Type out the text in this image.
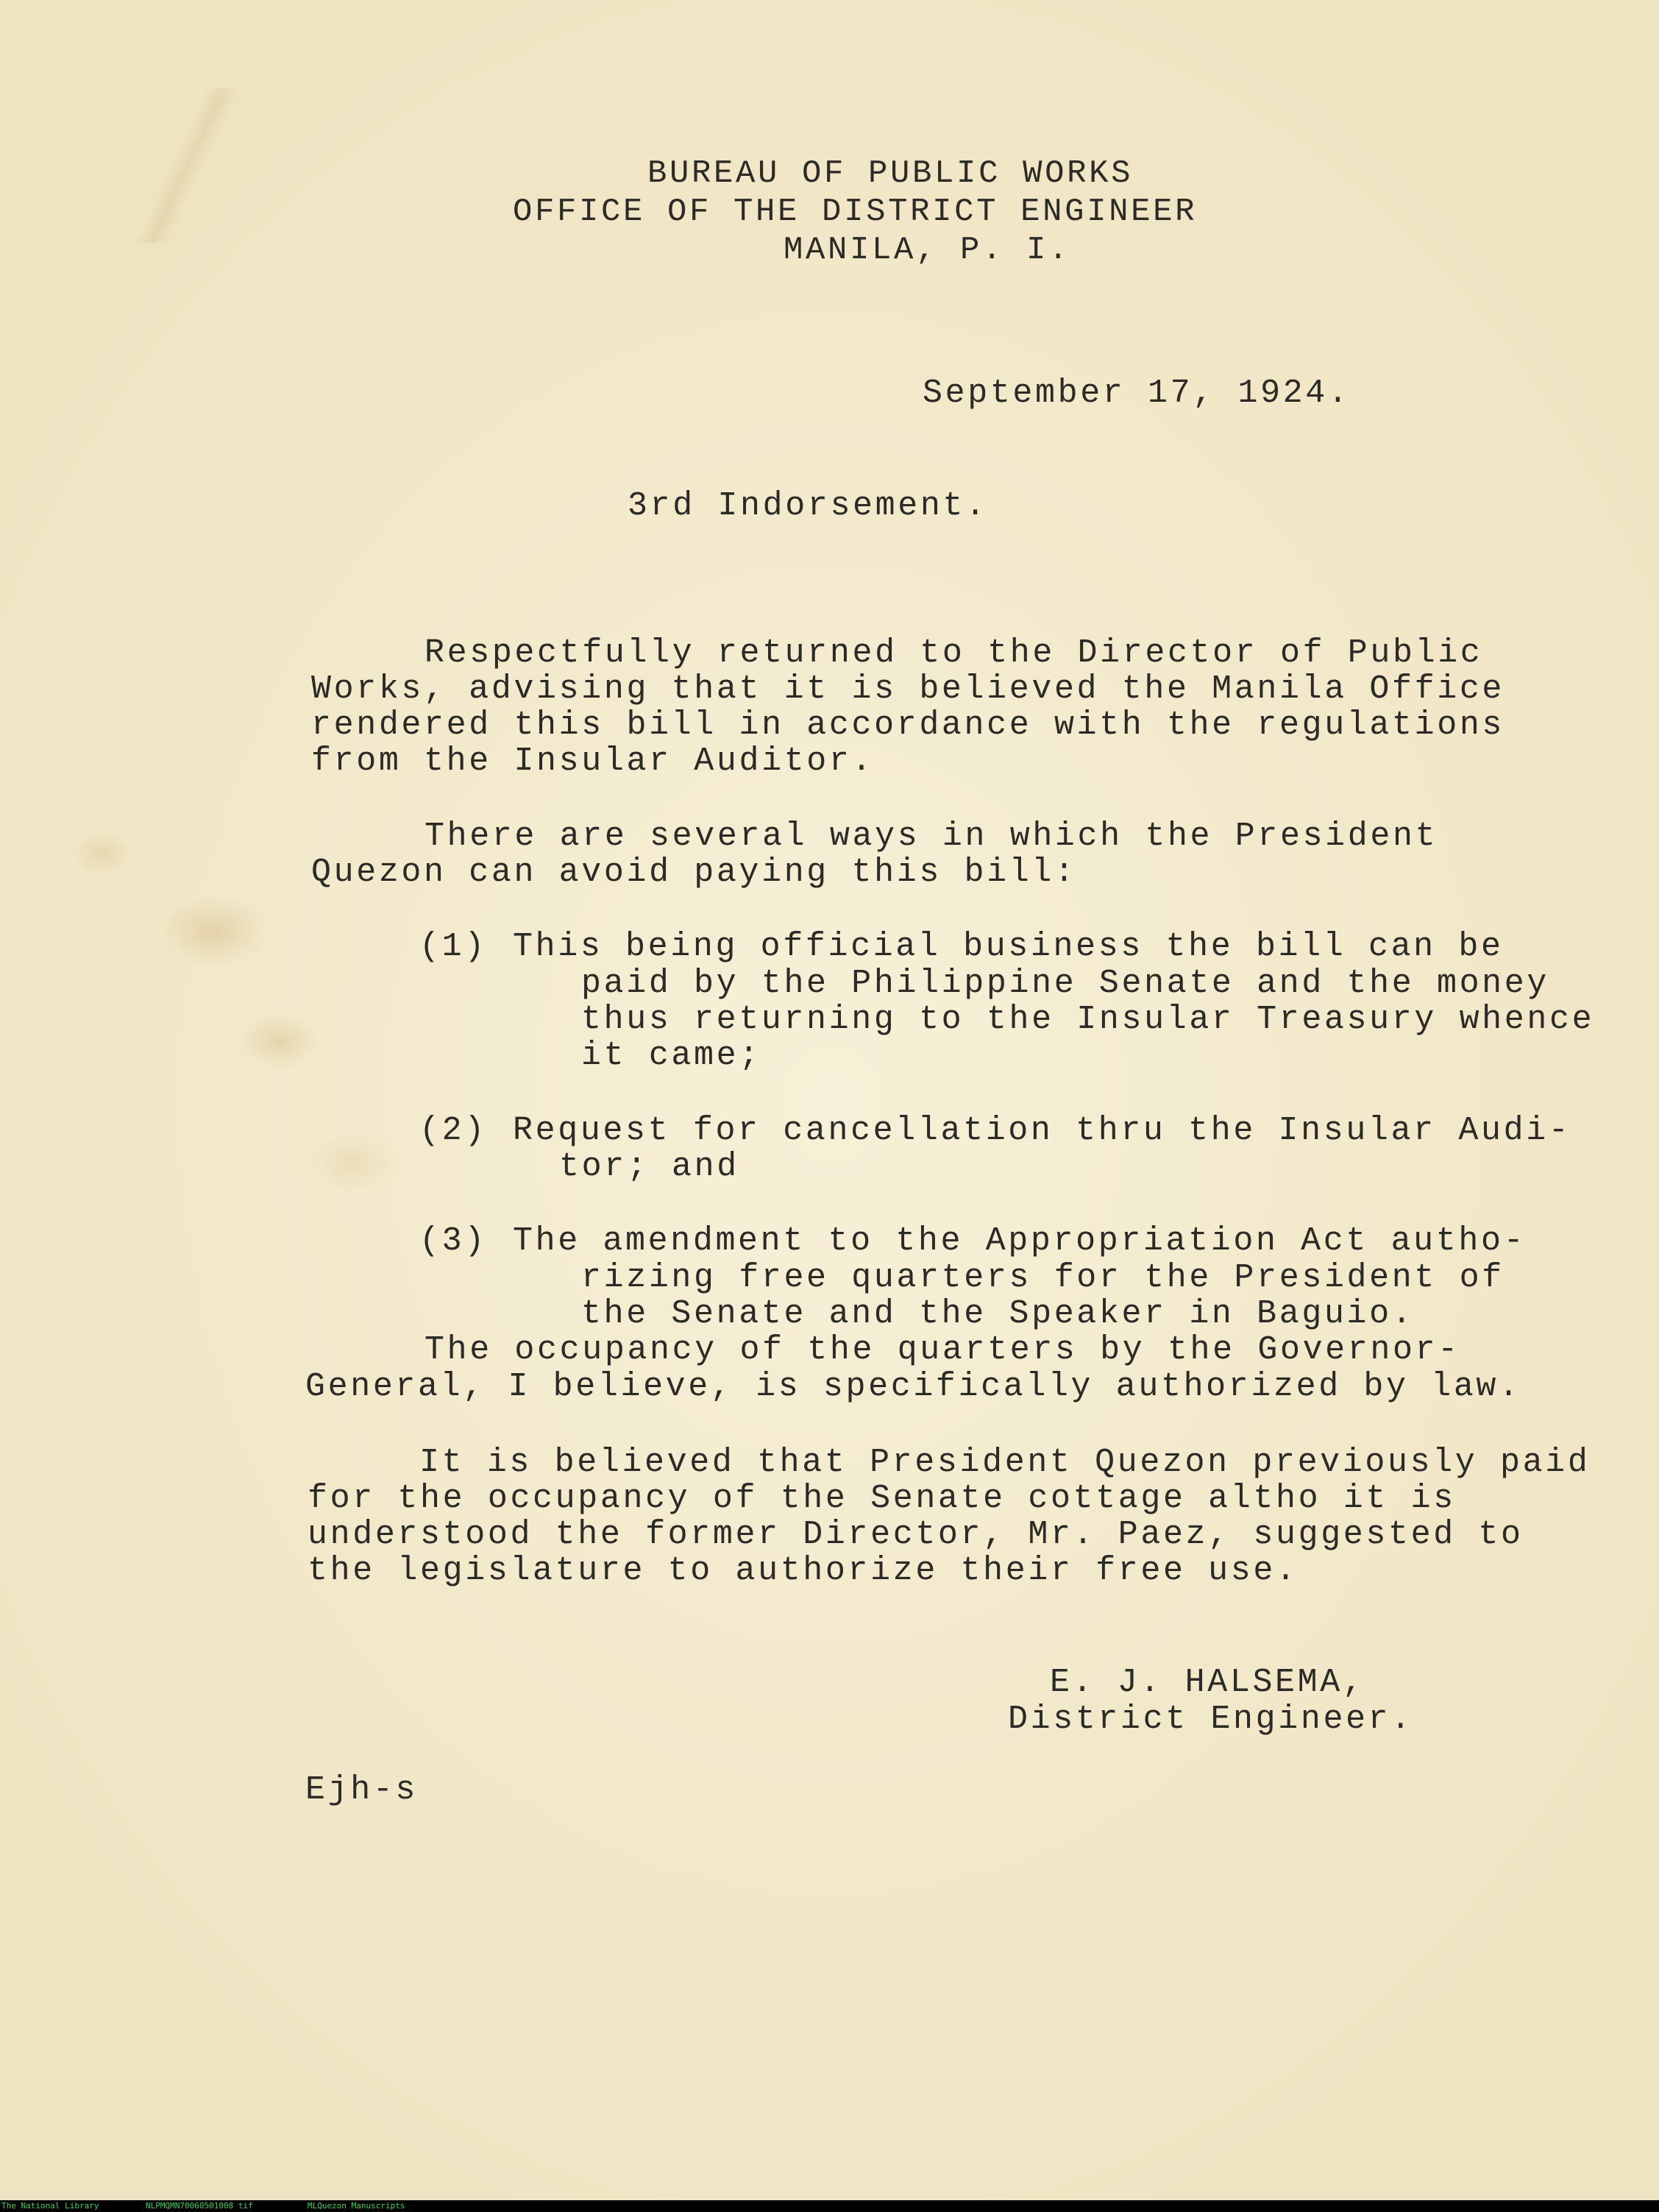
BUREAU OF PUBLIC WORKS

OFFICE OF THE DISTRICT ENGINEER

MANILA, P. I.

September 17, 1924.

3rd Indorsement.

Respectfully returned to the Director of Public

Works, advising that it is believed the Manila Office

rendered this bill in accordance with the regulations

from the Insular Auditor.

There are several ways in which the President

Quezon can avoid paying this bill:

(1) This being official business the bill can be

paid by the Philippine Senate and the money

thus returning to the Insular Treasury whence

it came;

(2) Request for cancellation thru the Insular Audi-

tor; and

(3) The amendment to the Appropriation Act autho-

rizing free quarters for the President of

the Senate and the Speaker in Baguio.

The occupancy of the quarters by the Governor-

General, I believe, is specifically authorized by law.

It is believed that President Quezon previously paid

for the occupancy of the Senate cottage altho it is

understood the former Director, Mr. Paez, suggested to

the legislature to authorize their free use.

E. J. HALSEMA,

District Engineer.

Ejh-s

The National Library	NLPMQMN70060501008 tif	MLQuezon Manuscripts
